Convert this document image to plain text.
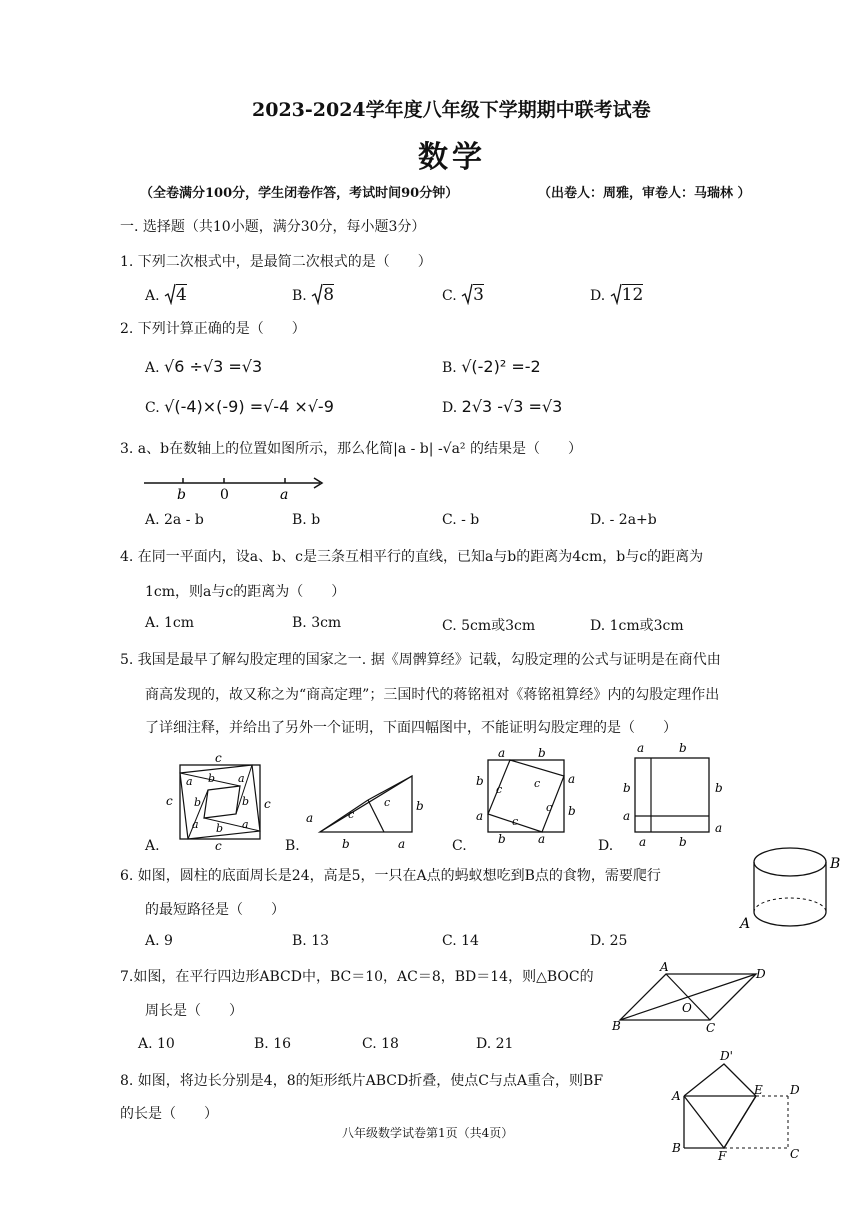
2023-2024学年度八年级下学期期中联考试卷
数学
（全卷满分100分，学生闭卷作答，考试时间90分钟）	（出卷人：周雅，审卷人：马瑞林 ）
一. 选择题（共10小题，满分30分，每小题3分）
1. 下列二次根式中，是最简二次根式的是（　　）
A. 4	B. 8	C. 3	D. 12
2. 下列计算正确的是（　　）
A. √6 ÷√3 =√3	B. √(-2)² =-2
C. √(-4)×(-9) =√-4 ×√-9	D. 2√3 -√3 =√3
3. a、b在数轴上的位置如图所示，那么化简|a - b| -√a² 的结果是（　　）
b 0	a
A. 2a - b	B. b	C. - b	D. - 2a+b
4. 在同一平面内，设a、b、c是三条互相平行的直线，已知a与b的距离为4cm，b与c的距离为
1cm，则a与c的距离为（　　）
A. 1cm	B. 3cm	C. 5cm或3cm	D. 1cm或3cm
5. 我国是最早了解勾股定理的国家之一. 据《周髀算经》记载，勾股定理的公式与证明是在商代由
商高发现的，故又称之为“商高定理”；三国时代的蒋铭祖对《蒋铭祖算经》内的勾股定理作出
了详细注释，并给出了另外一个证明，下面四幅图中，不能证明勾股定理的是（　　）
c
c
c	c
a b a
b	b
a b a
A.
a	c
c b
b	a
B.
a	b
a
b
b
a
b	a
c
c
c
c
C.
a	b
b	b
a
a
a	b
D.
6. 如图，圆柱的底面周长是24，高是5，一只在A点的蚂蚁想吃到B点的食物，需要爬行
的最短路径是（　　）
A. 9	B. 13	C. 14	D. 25
B
A
7.如图，在平行四边形ABCD中，BC＝10，AC＝8，BD＝14，则△BOC的
周长是（　　）
A. 10	B. 16	C. 18	D. 21
A	D
B	C
O
8. 如图，将边长分别是4，8的矩形纸片ABCD折叠，使点C与点A重合，则BF
的长是（　　）
D'
A	E D
B
F	C
八年级数学试卷第1页（共4页）
